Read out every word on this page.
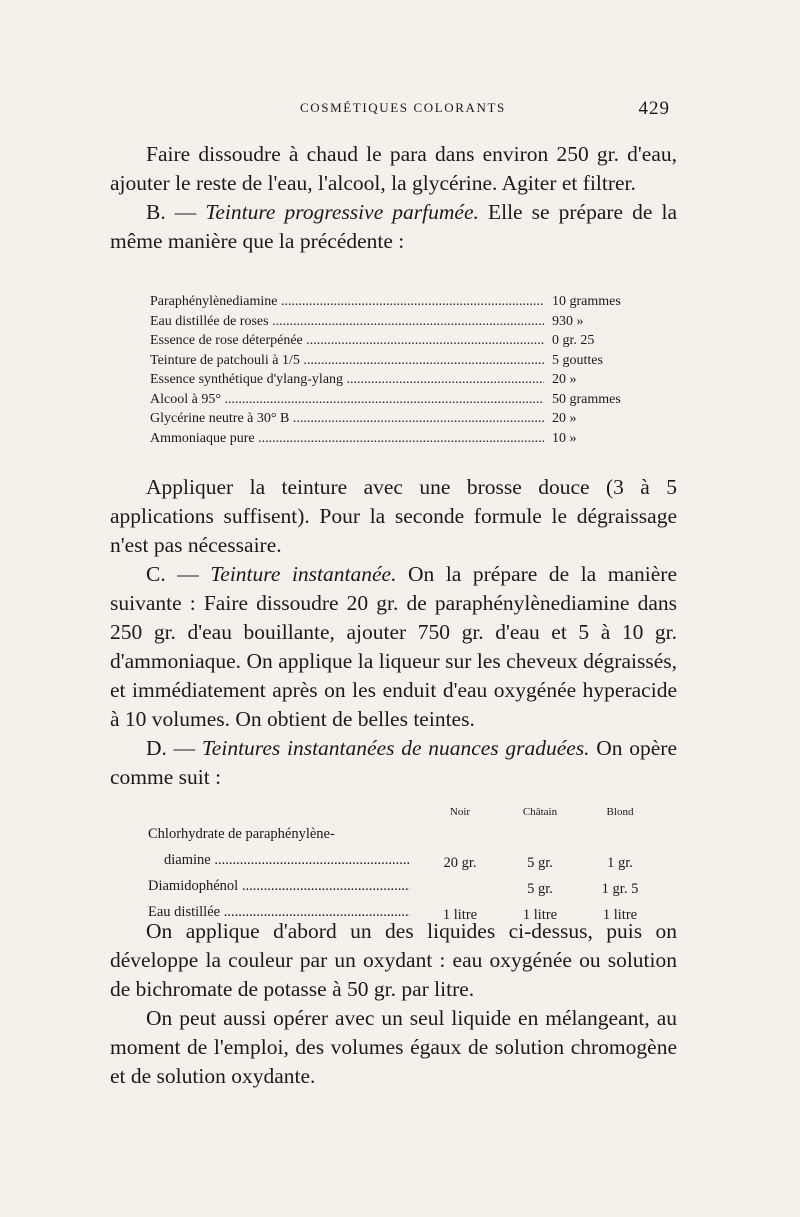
COSMÉTIQUES COLORANTS	429

Faire dissoudre à chaud le para dans environ 250 gr. d'eau, ajouter le reste de l'eau, l'alcool, la glycérine. Agiter et filtrer.

B. — Teinture progressive parfumée. Elle se prépare de la même manière que la précédente :

Paraphénylènediamine .....	10 grammes
Eau distillée de roses .....	930 »
Essence de rose déterpénée .....	0 gr. 25
Teinture de patchouli à 1/5 .....	5 gouttes
Essence synthétique d'ylang-ylang .....	20 »
Alcool à 95° .....	50 grammes
Glycérine neutre à 30° B .....	20 »
Ammoniaque pure .....	10 »

Appliquer la teinture avec une brosse douce (3 à 5 applications suffisent). Pour la seconde formule le dégraissage n'est pas nécessaire.

C. — Teinture instantanée. On la prépare de la manière suivante : Faire dissoudre 20 gr. de paraphénylènediamine dans 250 gr. d'eau bouillante, ajouter 750 gr. d'eau et 5 à 10 gr. d'ammoniaque. On applique la liqueur sur les cheveux dégraissés, et immédiatement après on les enduit d'eau oxygénée hyperacide à 10 volumes. On obtient de belles teintes.

D. — Teintures instantanées de nuances graduées. On opère comme suit :

	Noir	Châtain	Blond
Chlorhydrate de paraphénylène-			
diamine .....	20 gr.	5 gr.	1 gr.
Diamidophénol .....		5 gr.	1 gr. 5
Eau distillée .....	1 litre	1 litre	1 litre

On applique d'abord un des liquides ci-dessus, puis on développe la couleur par un oxydant : eau oxygénée ou solution de bichromate de potasse à 50 gr. par litre.

On peut aussi opérer avec un seul liquide en mélangeant, au moment de l'emploi, des volumes égaux de solution chromogène et de solution oxydante.
